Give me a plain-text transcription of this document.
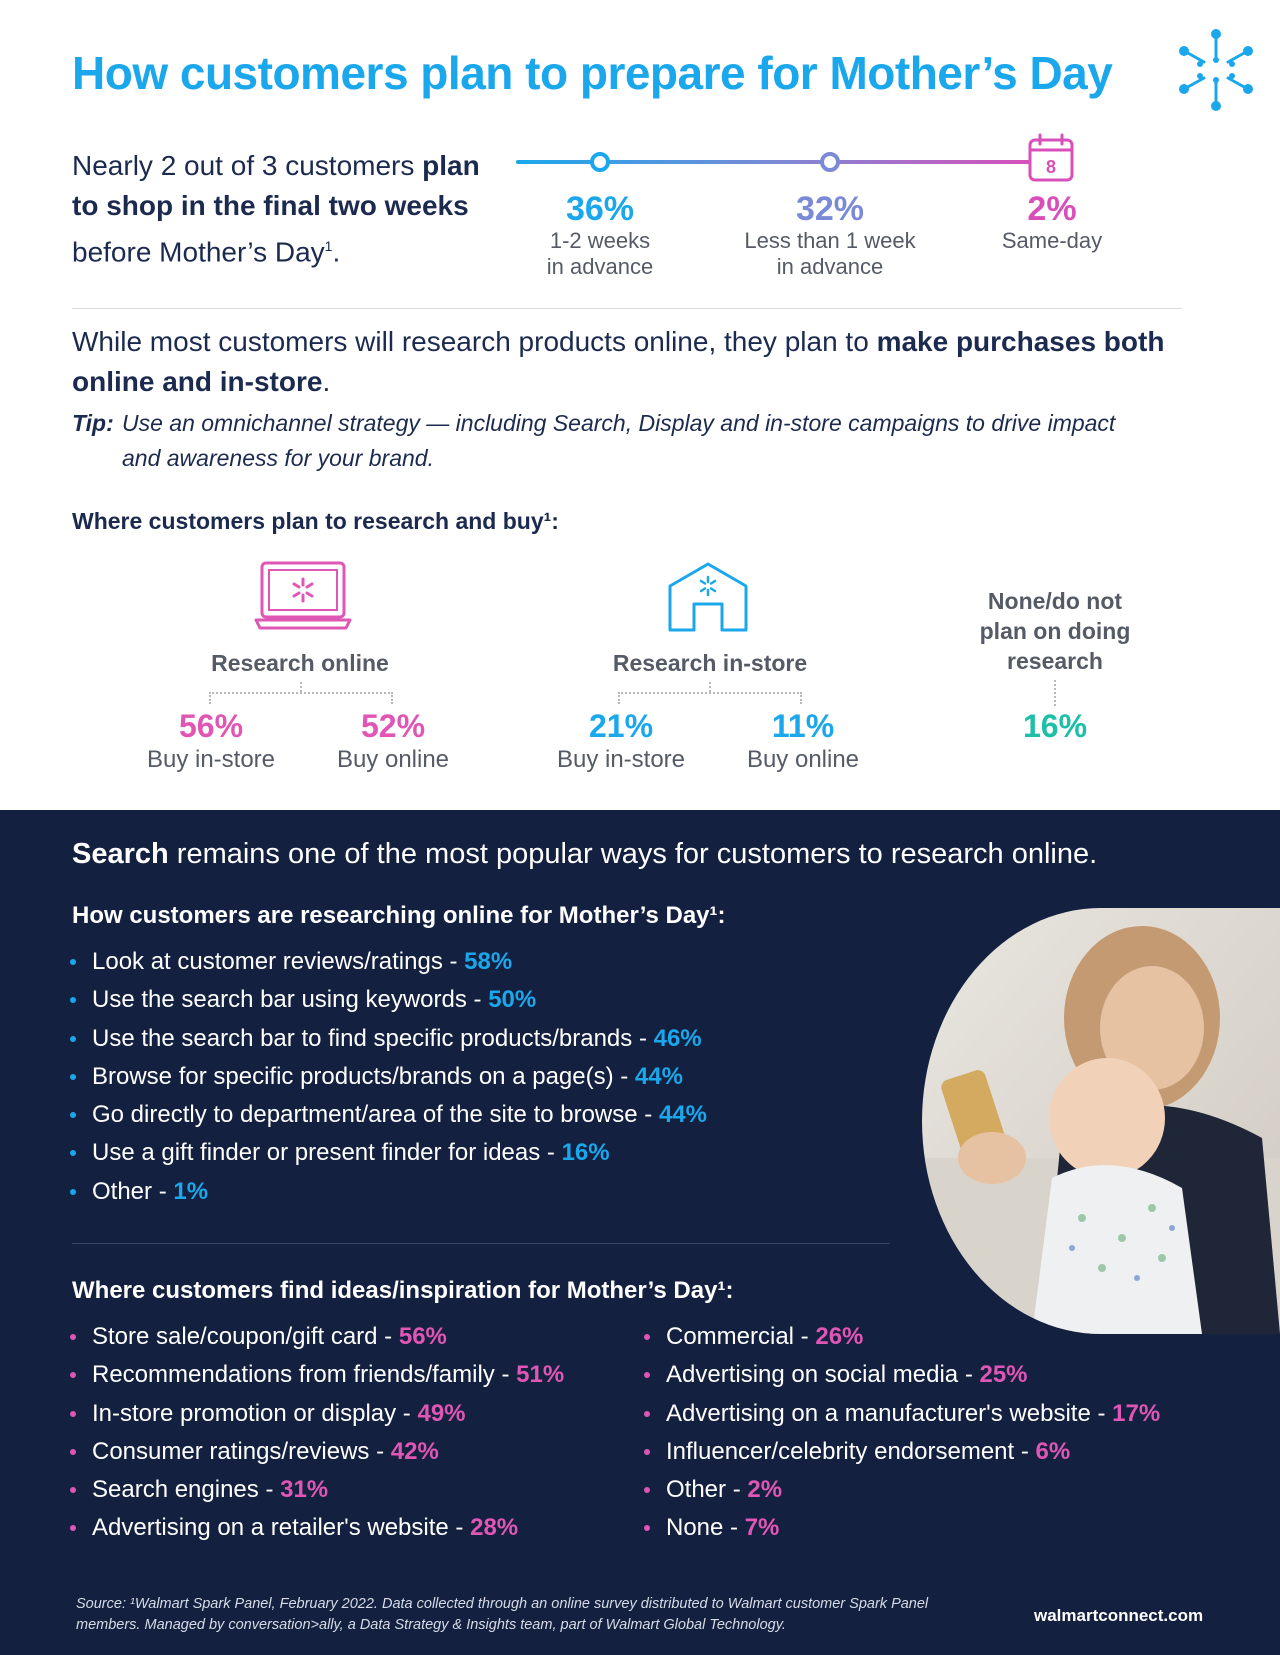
How customers plan to prepare for Mother’s Day
Nearly 2 out of 3 customers plan to shop in the final two weeks before Mother’s Day$^1$.
8
36%
1-2 weeks
in advance
32%
Less than 1 week
in advance
2%
Same-day
While most customers will research products online, they plan to make purchases both online and in-store.
Tip: Use an omnichannel strategy — including Search, Display and in-store campaigns to drive impact and awareness for your brand.
Where customers plan to research and buy¹:
Research online
56%
Buy in-store
52%
Buy online
Research in-store
21%
Buy in-store
11%
Buy online
None/do not
plan on doing
research
16%
Search remains one of the most popular ways for customers to research online.
How customers are researching online for Mother’s Day¹:
Look at customer reviews/ratings - 58%
Use the search bar using keywords - 50%
Use the search bar to find specific products/brands - 46%
Browse for specific products/brands on a page(s) - 44%
Go directly to department/area of the site to browse - 44%
Use a gift finder or present finder for ideas - 16%
Other - 1%
Where customers find ideas/inspiration for Mother’s Day¹:
Store sale/coupon/gift card - 56%
Recommendations from friends/family - 51%
In-store promotion or display - 49%
Consumer ratings/reviews - 42%
Search engines - 31%
Advertising on a retailer's website - 28%
Commercial - 26%
Advertising on social media - 25%
Advertising on a manufacturer's website - 17%
Influencer/celebrity endorsement - 6%
Other - 2%
None - 7%
Source: ¹Walmart Spark Panel, February 2022. Data collected through an online survey distributed to Walmart customer Spark Panel members. Managed by conversation>ally, a Data Strategy & Insights team, part of Walmart Global Technology.	walmartconnect.com
